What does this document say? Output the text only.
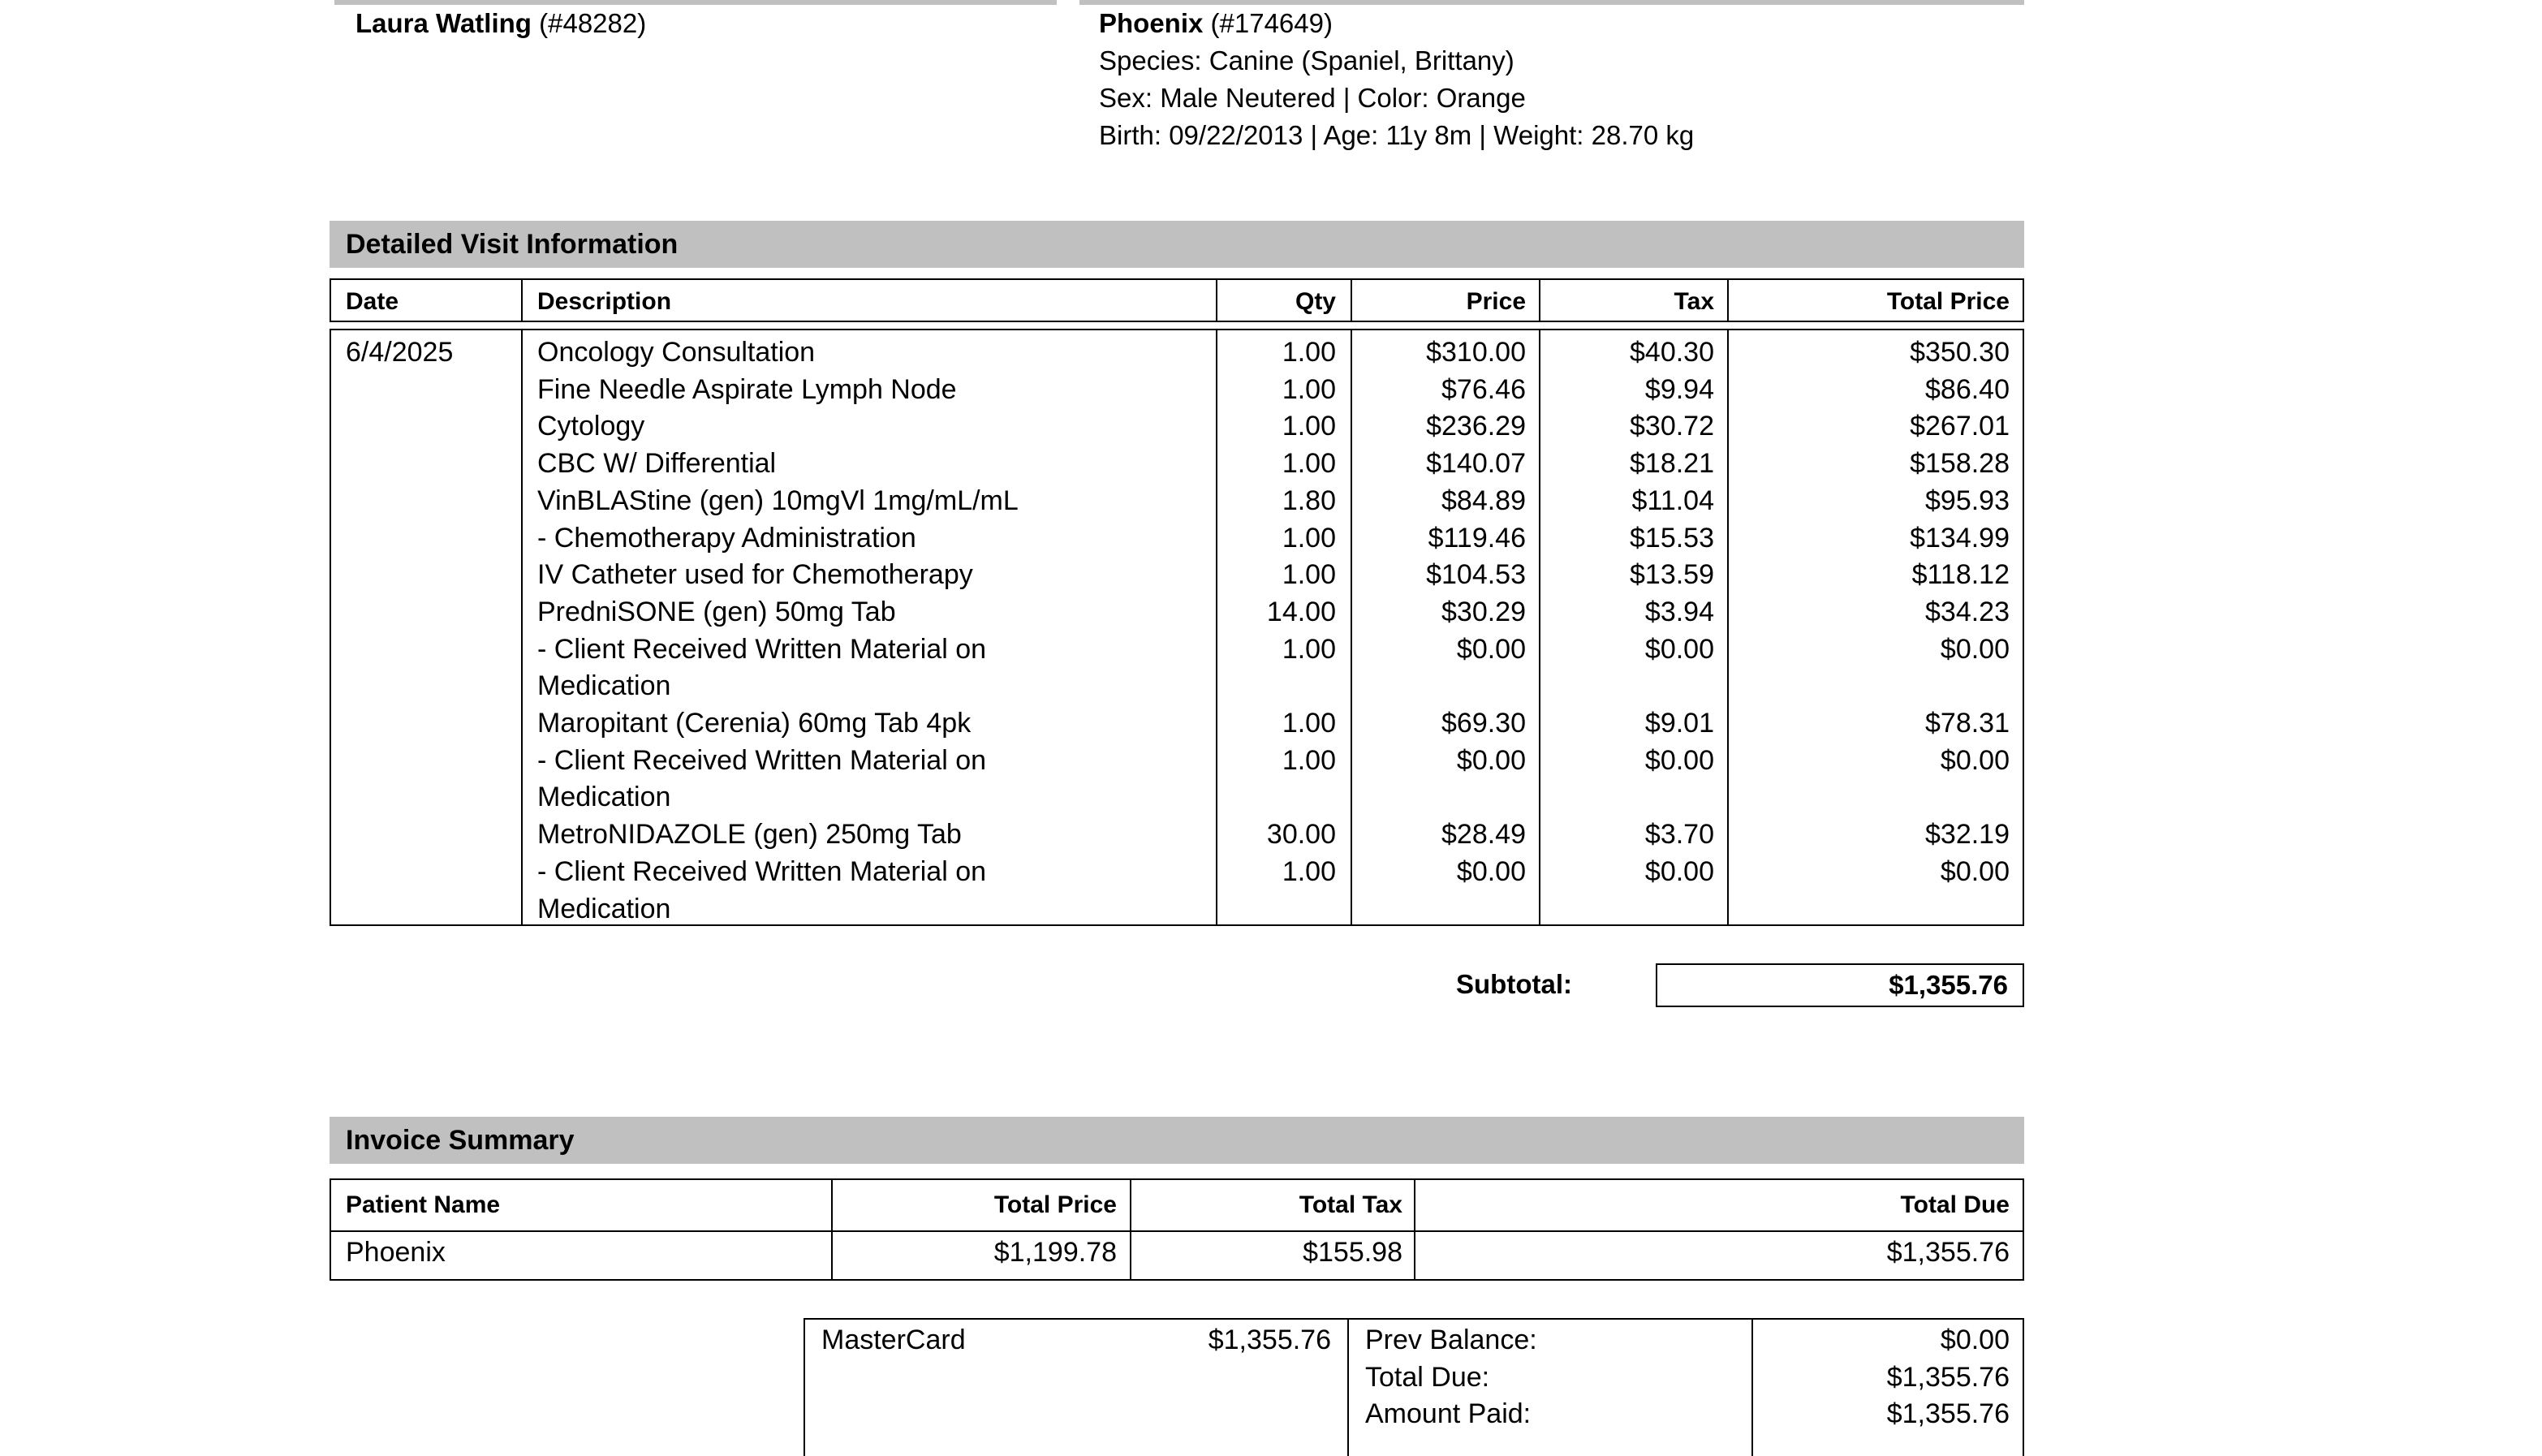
Laura Watling (#48282)	Phoenix (#174649)
Species: Canine (Spaniel, Brittany)
Sex: Male Neutered | Color: Orange
Birth: 09/22/2013 | Age: 11y 8m | Weight: 28.70 kg
Detailed Visit Information
Date	Description	Qty	Price	Tax	Total Price
6/4/2025	Oncology Consultation	1.00	$310.00	$40.30	$350.30
Fine Needle Aspirate Lymph Node	1.00	$76.46	$9.94	$86.40
Cytology	1.00	$236.29	$30.72	$267.01
CBC W/ Differential	1.00	$140.07	$18.21	$158.28
VinBLAStine (gen) 10mgVl 1mg/mL/mL	1.80	$84.89	$11.04	$95.93
- Chemotherapy Administration	1.00	$119.46	$15.53	$134.99
IV Catheter used for Chemotherapy	1.00	$104.53	$13.59	$118.12
PredniSONE (gen) 50mg Tab	14.00	$30.29	$3.94	$34.23
- Client Received Written Material on	1.00	$0.00	$0.00	$0.00
Medication
Maropitant (Cerenia) 60mg Tab 4pk	1.00	$69.30	$9.01	$78.31
- Client Received Written Material on	1.00	$0.00	$0.00	$0.00
Medication
MetroNIDAZOLE (gen) 250mg Tab	30.00	$28.49	$3.70	$32.19
- Client Received Written Material on	1.00	$0.00	$0.00	$0.00
Medication
Subtotal:	$1,355.76
Invoice Summary
Patient Name	Total Price	Total Tax	Total Due
Phoenix	$1,199.78	$155.98	$1,355.76
MasterCard	$1,355.76 Prev Balance:	$0.00
Total Due:	$1,355.76
Amount Paid:	$1,355.76
